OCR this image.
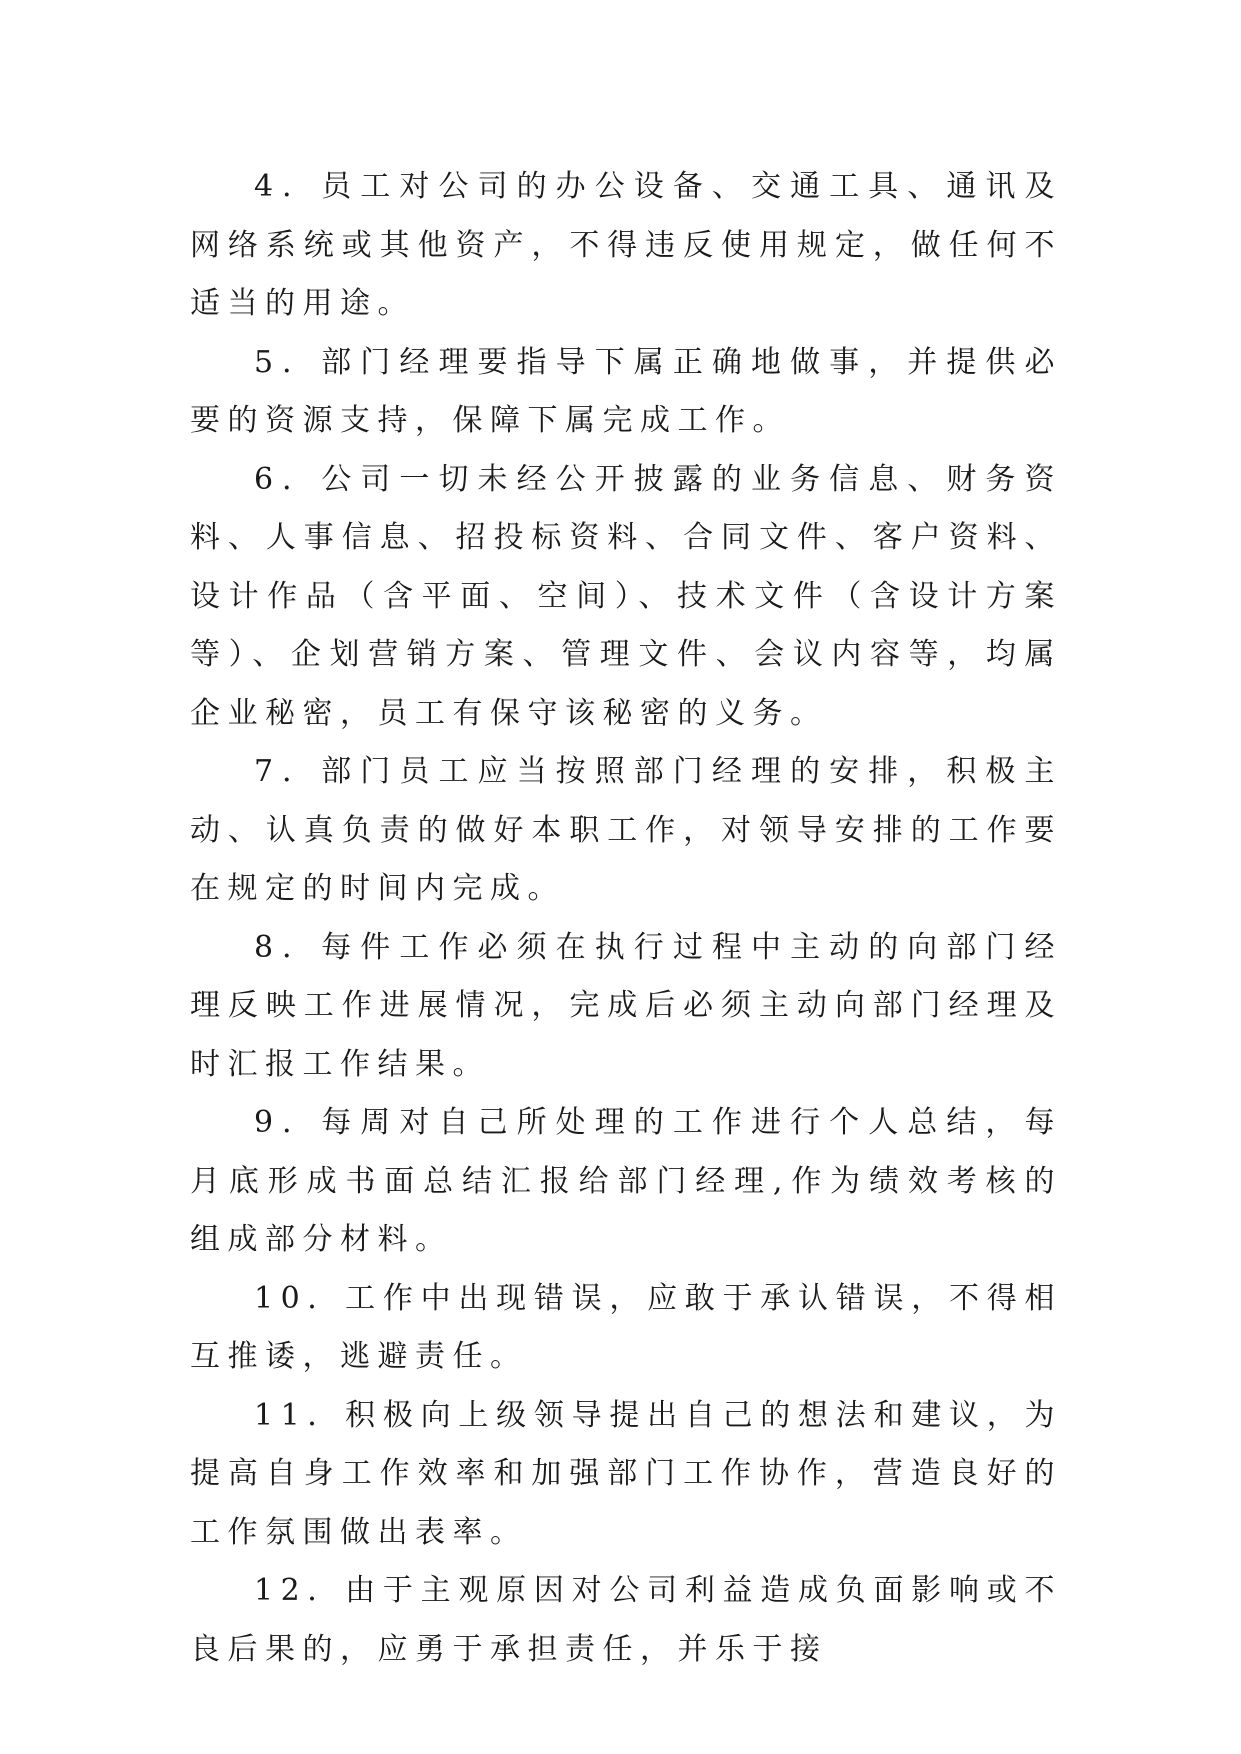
4．员工对公司的办公设备、交通工具、通讯及网络系统或其他资产，不得违反使用规定，做任何不适当的用途。

5．部门经理要指导下属正确地做事，并提供必要的资源支持，保障下属完成工作。

6．公司一切未经公开披露的业务信息、财务资料、人事信息、招投标资料、合同文件、客户资料、设计作品（含平面、空间）、技术文件（含设计方案等）、企划营销方案、管理文件、会议内容等，均属企业秘密，员工有保守该秘密的义务。

7．部门员工应当按照部门经理的安排，积极主动、认真负责的做好本职工作，对领导安排的工作要在规定的时间内完成。

8．每件工作必须在执行过程中主动的向部门经理反映工作进展情况，完成后必须主动向部门经理及时汇报工作结果。

9．每周对自己所处理的工作进行个人总结，每月底形成书面总结汇报给部门经理,作为绩效考核的组成部分材料。

10．工作中出现错误，应敢于承认错误，不得相互推诿，逃避责任。

11．积极向上级领导提出自己的想法和建议，为提高自身工作效率和加强部门工作协作，营造良好的工作氛围做出表率。

12．由于主观原因对公司利益造成负面影响或不良后果的，应勇于承担责任，并乐于接
